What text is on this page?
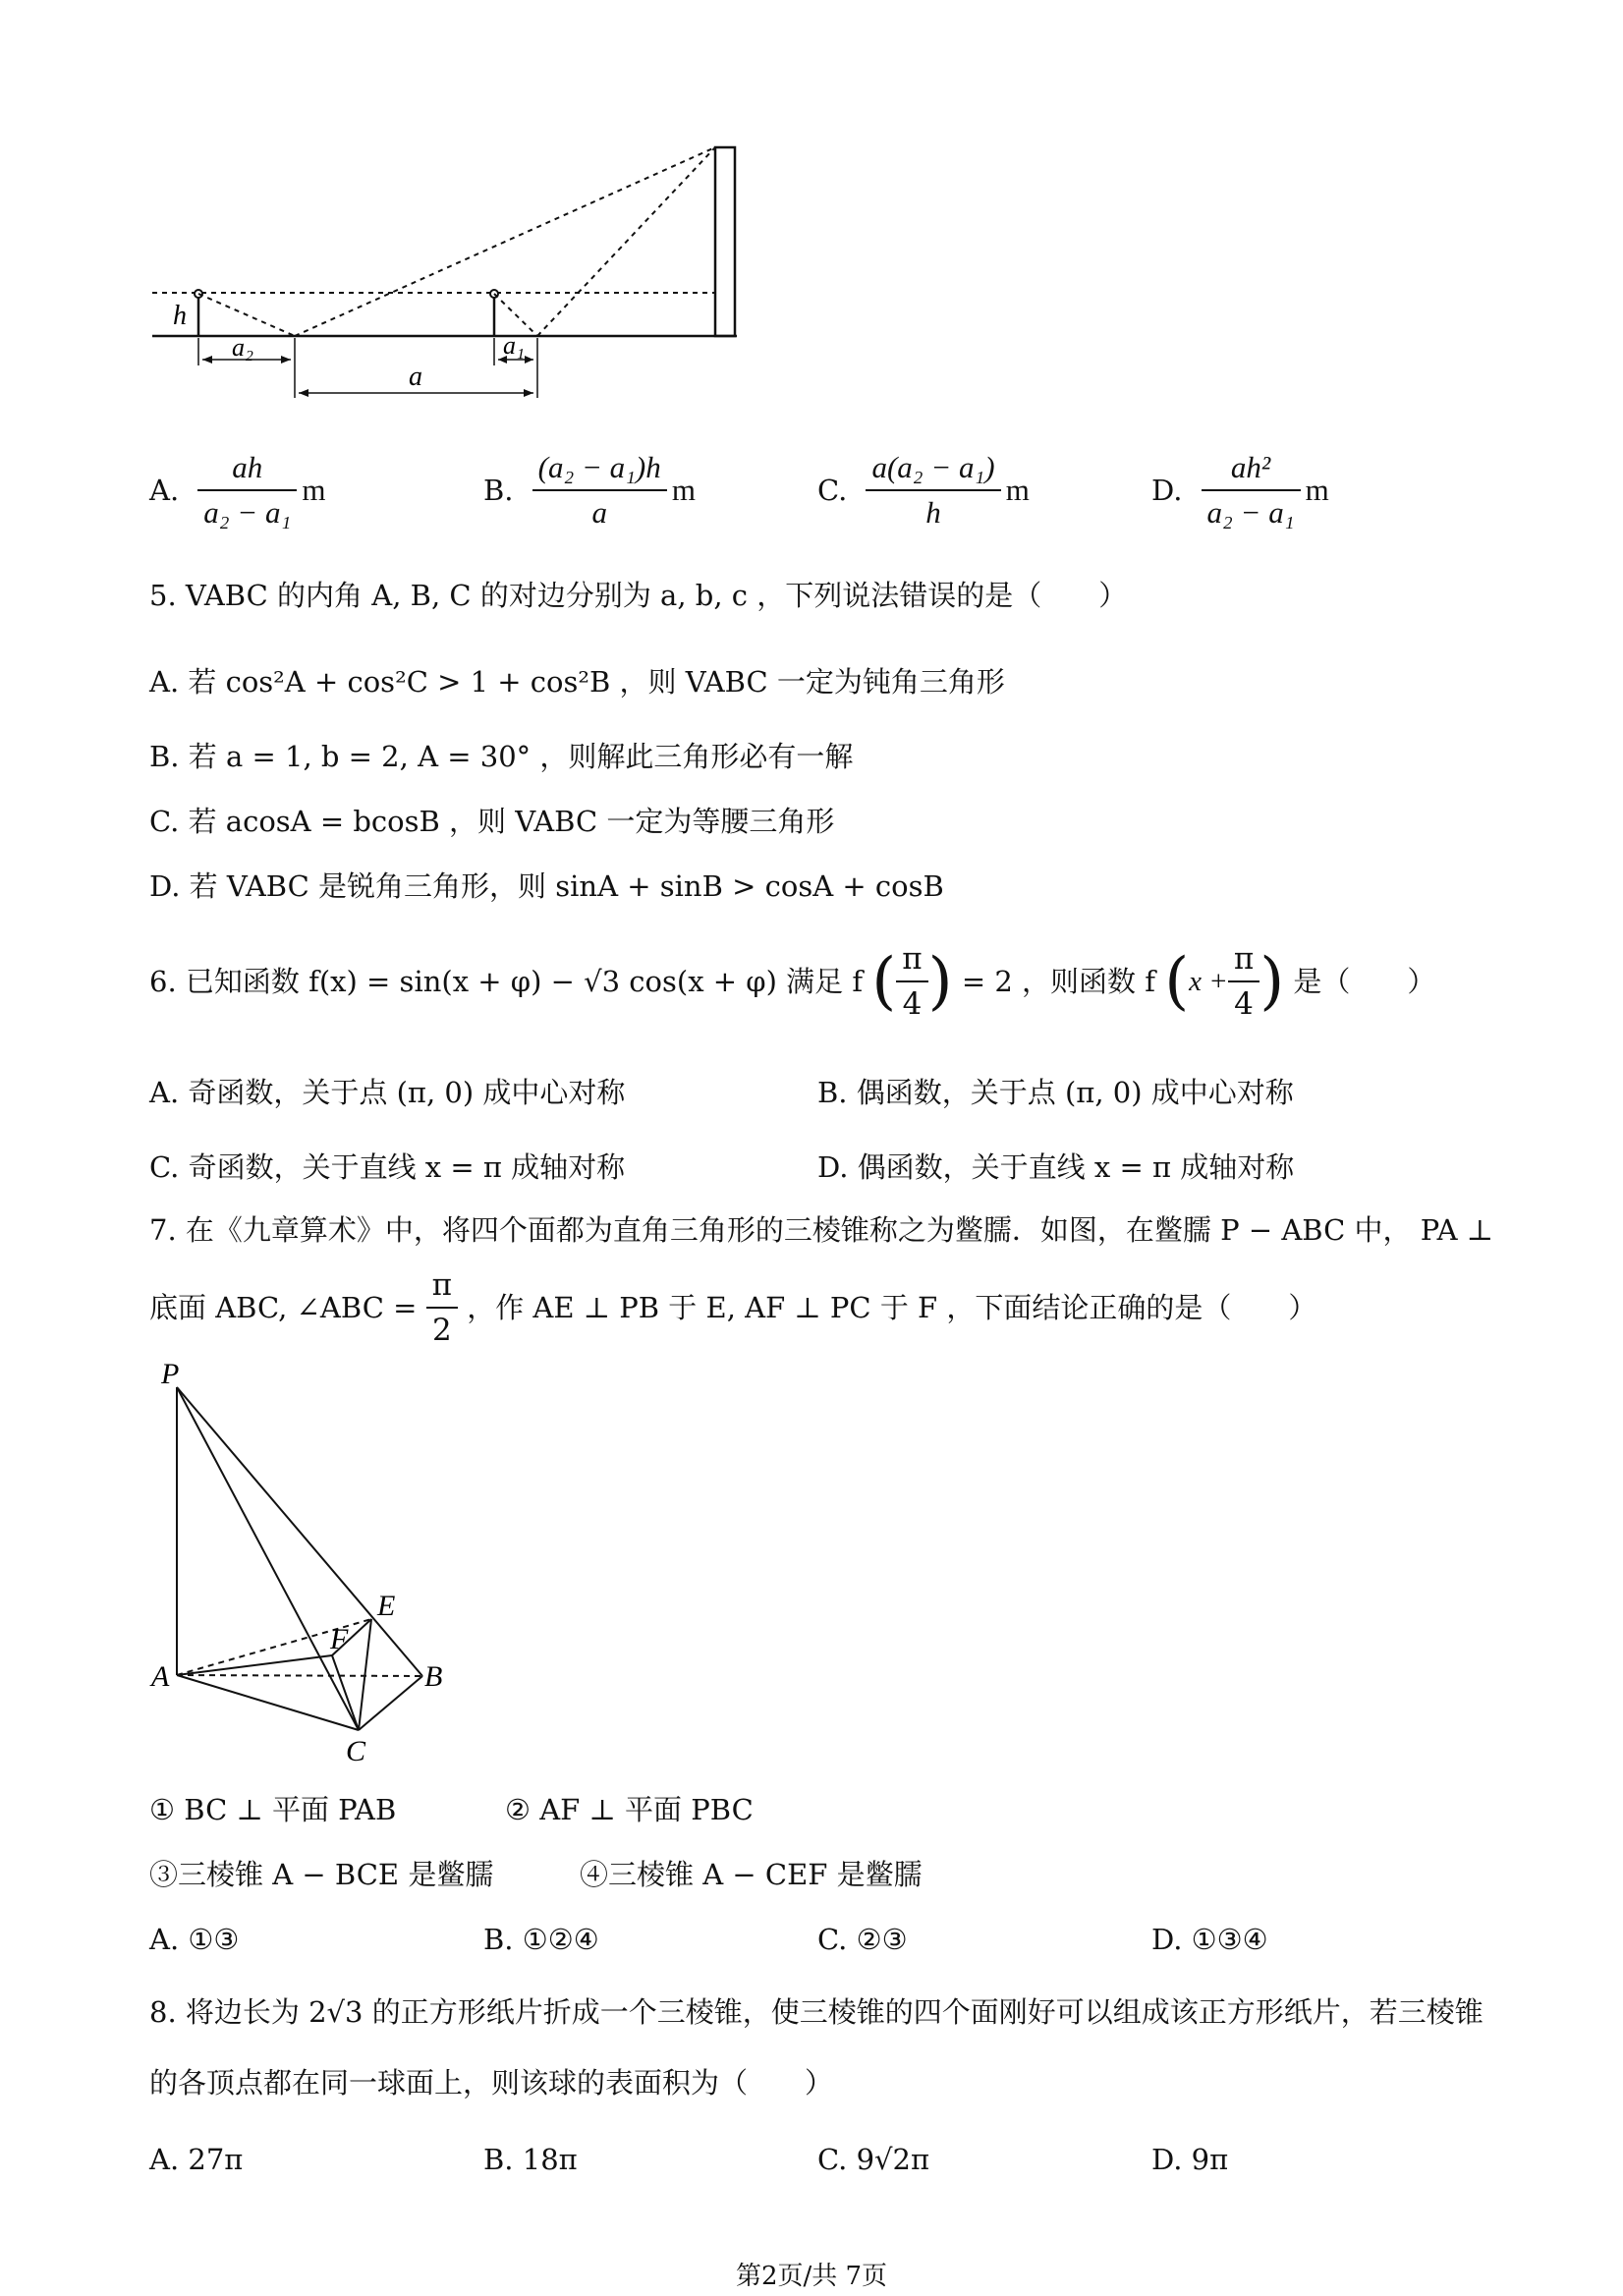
h
a₂	a₁
a
A. $\frac{ah}{\text{a₂ − a₁}}$ m	B. $\frac{\text{(a₂ − a₁)h}}{a}$ m	C. $\frac{\text{a(a₂ − a₁)}}{h}$ m	D. $\frac{\text{ah²}}{\text{a₂ − a₁}}$ m
5. VABC 的内角 A, B, C 的对边分别为 a, b, c ，下列说法错误的是（　　）
A. 若 cos²A + cos²C > 1 + cos²B ，则 VABC 一定为钝角三角形
B. 若 a = 1, b = 2, A = 30° ，则解此三角形必有一解
C. 若 acosA = bcosB ，则 VABC 一定为等腰三角形
D. 若 VABC 是锐角三角形，则 sinA + sinB > cosA + cosB
6. 已知函数 f(x) = sin(x + φ) − √3 cos(x + φ) 满足 f ( $\frac{\pi}{4}$ ) = 2 ，则函数 f ($x + \frac{\pi}{4}$ ) 是（　　）
A. 奇函数，关于点 (π, 0) 成中心对称	B. 偶函数，关于点 (π, 0) 成中心对称
C. 奇函数，关于直线 x = π 成轴对称	D. 偶函数，关于直线 x = π 成轴对称
7. 在《九章算术》中，将四个面都为直角三角形的三棱锥称之为鳖臑．如图，在鳖臑 P − ABC 中， PA ⊥
底面 ABC, ∠ABC = $\frac{\pi}{2}$ ，作 AE ⊥ PB 于 E, AF ⊥ PC 于 F ，下面结论正确的是（　　）
P
E
F
A	B
C
① BC ⊥ 平面 PAB	② AF ⊥ 平面 PBC
③三棱锥 A − BCE 是鳖臑	④三棱锥 A − CEF 是鳖臑
A. ①③	B. ①②④	C. ②③	D. ①③④
8. 将边长为 2√3 的正方形纸片折成一个三棱锥，使三棱锥的四个面刚好可以组成该正方形纸片，若三棱锥
的各顶点都在同一球面上，则该球的表面积为（　　）
A. 27π	B. 18π	C. 9√2π	D. 9π
第2页/共 7页
